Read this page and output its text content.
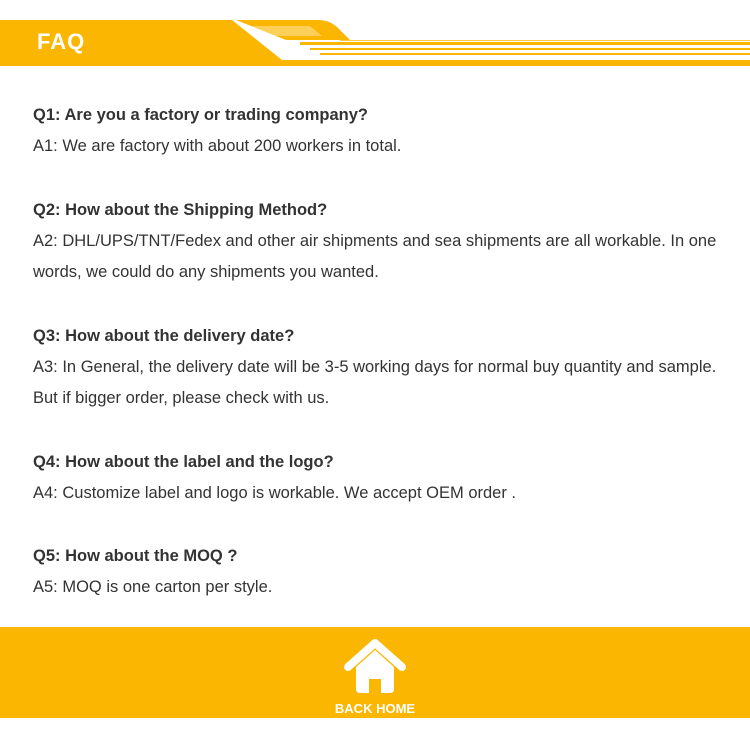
FAQ

Q1: Are you a factory or trading company?

A1: We are factory with about 200 workers in total.

Q2: How about the Shipping Method?

A2: DHL/UPS/TNT/Fedex and other air shipments and sea shipments are all workable. In one words, we could do any shipments you wanted.

Q3: How about the delivery date?

A3: In General, the delivery date will be 3-5 working days for normal buy quantity and sample. But if bigger order, please check with us.

Q4: How about the label and the logo?

A4: Customize label and logo is workable. We accept OEM order .

Q5: How about the MOQ ?

A5: MOQ is one carton per style.

BACK HOME
